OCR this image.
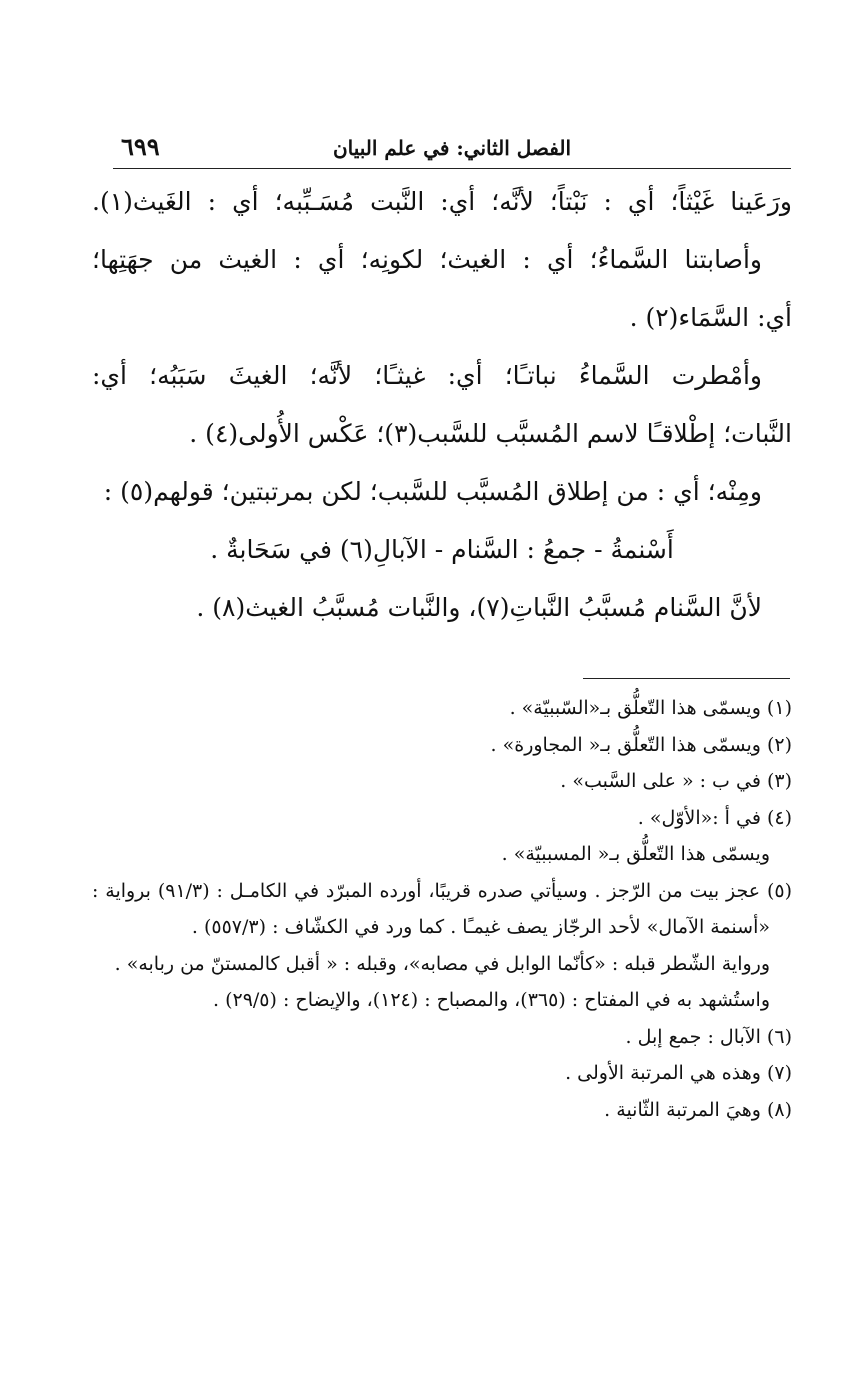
الفصل الثاني: في علم البيان
٦٩٩
ورَعَينا غَيْثاً؛ أي : نَبْتاً؛ لأنَّه؛ أي: النَّبت مُسَـبِّبه؛ أي : الغَيث(١).
وأصابتنا السَّماءُ؛ أي : الغيث؛ لكونِه؛ أي : الغيث من جهَتِها؛
أي: السَّمَاء(٢) .
وأمْطرت السَّماءُ نباتـًا؛ أي: غيثـًا؛ لأنَّه؛ الغيثَ سَبَبُه؛ أي:
النَّبات؛ إطْلاقـًا لاسم المُسبَّب للسَّبب(٣)؛ عَكْس الأُولى(٤) .
ومِنْه؛ أي : من إطلاق المُسبَّب للسَّبب؛ لكن بمرتبتين؛ قولهم(٥) :
أَسْنمةُ - جمعُ : السَّنام - الآبالِ(٦) في سَحَابةٌ .
لأنَّ السَّنام مُسبَّبُ النَّباتِ(٧)، والنَّبات مُسبَّبُ الغيث(٨) .
(١) ويسمّى هذا التّعلُّق بـ«السّببيّة» .
(٢) ويسمّى هذا التّعلُّق بـ« المجاورة» .
(٣) في ب : « على السَّبب» .
(٤) في أ :«الأوّل» .
ويسمّى هذا التّعلُّق بـ« المسببيّة» .
(٥) عجز بيت من الرّجز . وسيأتي صدره قريبًا، أورده المبرّد في الكامـل : (٩١/٣) برواية :
«أسنمة الآمال» لأحد الرجّاز يصف غيمـًا . كما ورد في الكشّاف : (٥٥٧/٣) .
ورواية الشّطر قبله : «كأنّما الوابل في مصابه»، وقبله : « أقبل كالمستنّ من ربابه» .
واستُشهد به في المفتاح : (٣٦٥)، والمصباح : (١٢٤)، والإيضاح : (٢٩/٥) .
(٦) الآبال : جمع إبل .
(٧) وهذه هي المرتبة الأولى .
(٨) وهيَ المرتبة الثّانية .
